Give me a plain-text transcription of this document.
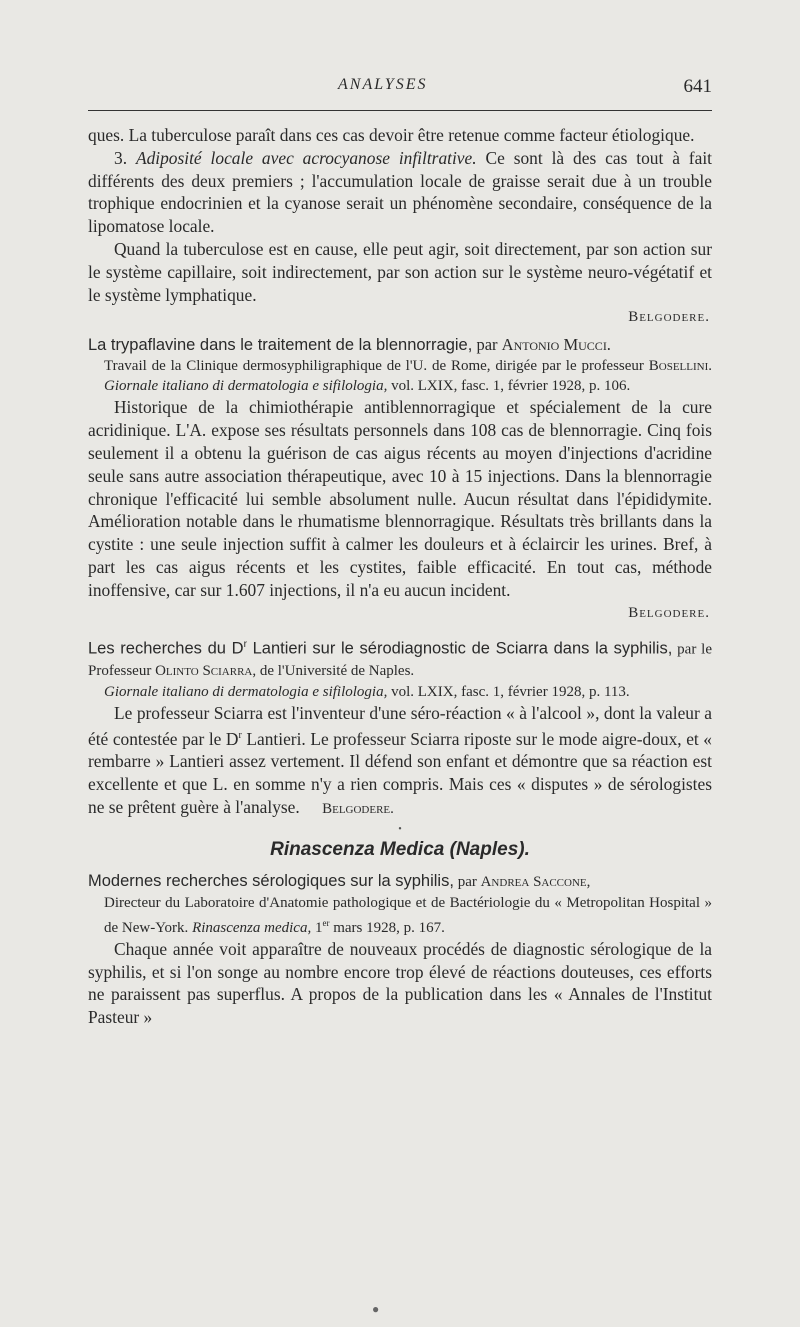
ANALYSES	641

ques. La tuberculose paraît dans ces cas devoir être retenue comme facteur étiologique.

3. Adiposité locale avec acrocyanose infiltrative. Ce sont là des cas tout à fait différents des deux premiers ; l'accumulation locale de graisse serait due à un trouble trophique endocrinien et la cyanose serait un phénomène secondaire, conséquence de la lipomatose locale.

Quand la tuberculose est en cause, elle peut agir, soit directement, par son action sur le système capillaire, soit indirectement, par son action sur le système neuro-végétatif et le système lymphatique.

Belgodere.

La trypaflavine dans le traitement de la blennorragie, par Antonio Mucci.

Travail de la Clinique dermosyphiligraphique de l'U. de Rome, dirigée par le professeur Bosellini. Giornale italiano di dermatologia e sifilologia, vol. LXIX, fasc. 1, février 1928, p. 106.

Historique de la chimiothérapie antiblennorragique et spécialement de la cure acridinique. L'A. expose ses résultats personnels dans 108 cas de blennorragie. Cinq fois seulement il a obtenu la guérison de cas aigus récents au moyen d'injections d'acridine seule sans autre association thérapeutique, avec 10 à 15 injections. Dans la blennorragie chronique l'efficacité lui semble absolument nulle. Aucun résultat dans l'épididymite. Amélioration notable dans le rhumatisme blennorragique. Résultats très brillants dans la cystite : une seule injection suffit à calmer les douleurs et à éclaircir les urines. Bref, à part les cas aigus récents et les cystites, faible efficacité. En tout cas, méthode inoffensive, car sur 1.607 injections, il n'a eu aucun incident.

Belgodere.

Les recherches du $D^r$ Lantieri sur le sérodiagnostic de Sciarra dans la syphilis, par le Professeur Olinto Sciarra, de l'Université de Naples.

Giornale italiano di dermatologia e sifilologia, vol. LXIX, fasc. 1, février 1928, p. 113.

Le professeur Sciarra est l'inventeur d'une séro-réaction « à l'alcool », dont la valeur a été contestée par le $D^r$ Lantieri. Le professeur Sciarra riposte sur le mode aigre-doux, et « rembarre » Lantieri assez vertement. Il défend son enfant et démontre que sa réaction est excellente et que L. en somme n'y a rien compris. Mais ces « disputes » de sérologistes ne se prêtent guère à l'analyse. Belgodere.

•

Rinascenza Medica (Naples).

Modernes recherches sérologiques sur la syphilis, par Andrea Saccone,

Directeur du Laboratoire d'Anatomie pathologique et de Bactériologie du « Metropolitan Hospital » de New-York. Rinascenza medica, 1er mars 1928, p. 167.

Chaque année voit apparaître de nouveaux procédés de diagnostic sérologique de la syphilis, et si l'on songe au nombre encore trop élevé de réactions douteuses, ces efforts ne paraissent pas superflus. A propos de la publication dans les « Annales de l'Institut Pasteur »

●
